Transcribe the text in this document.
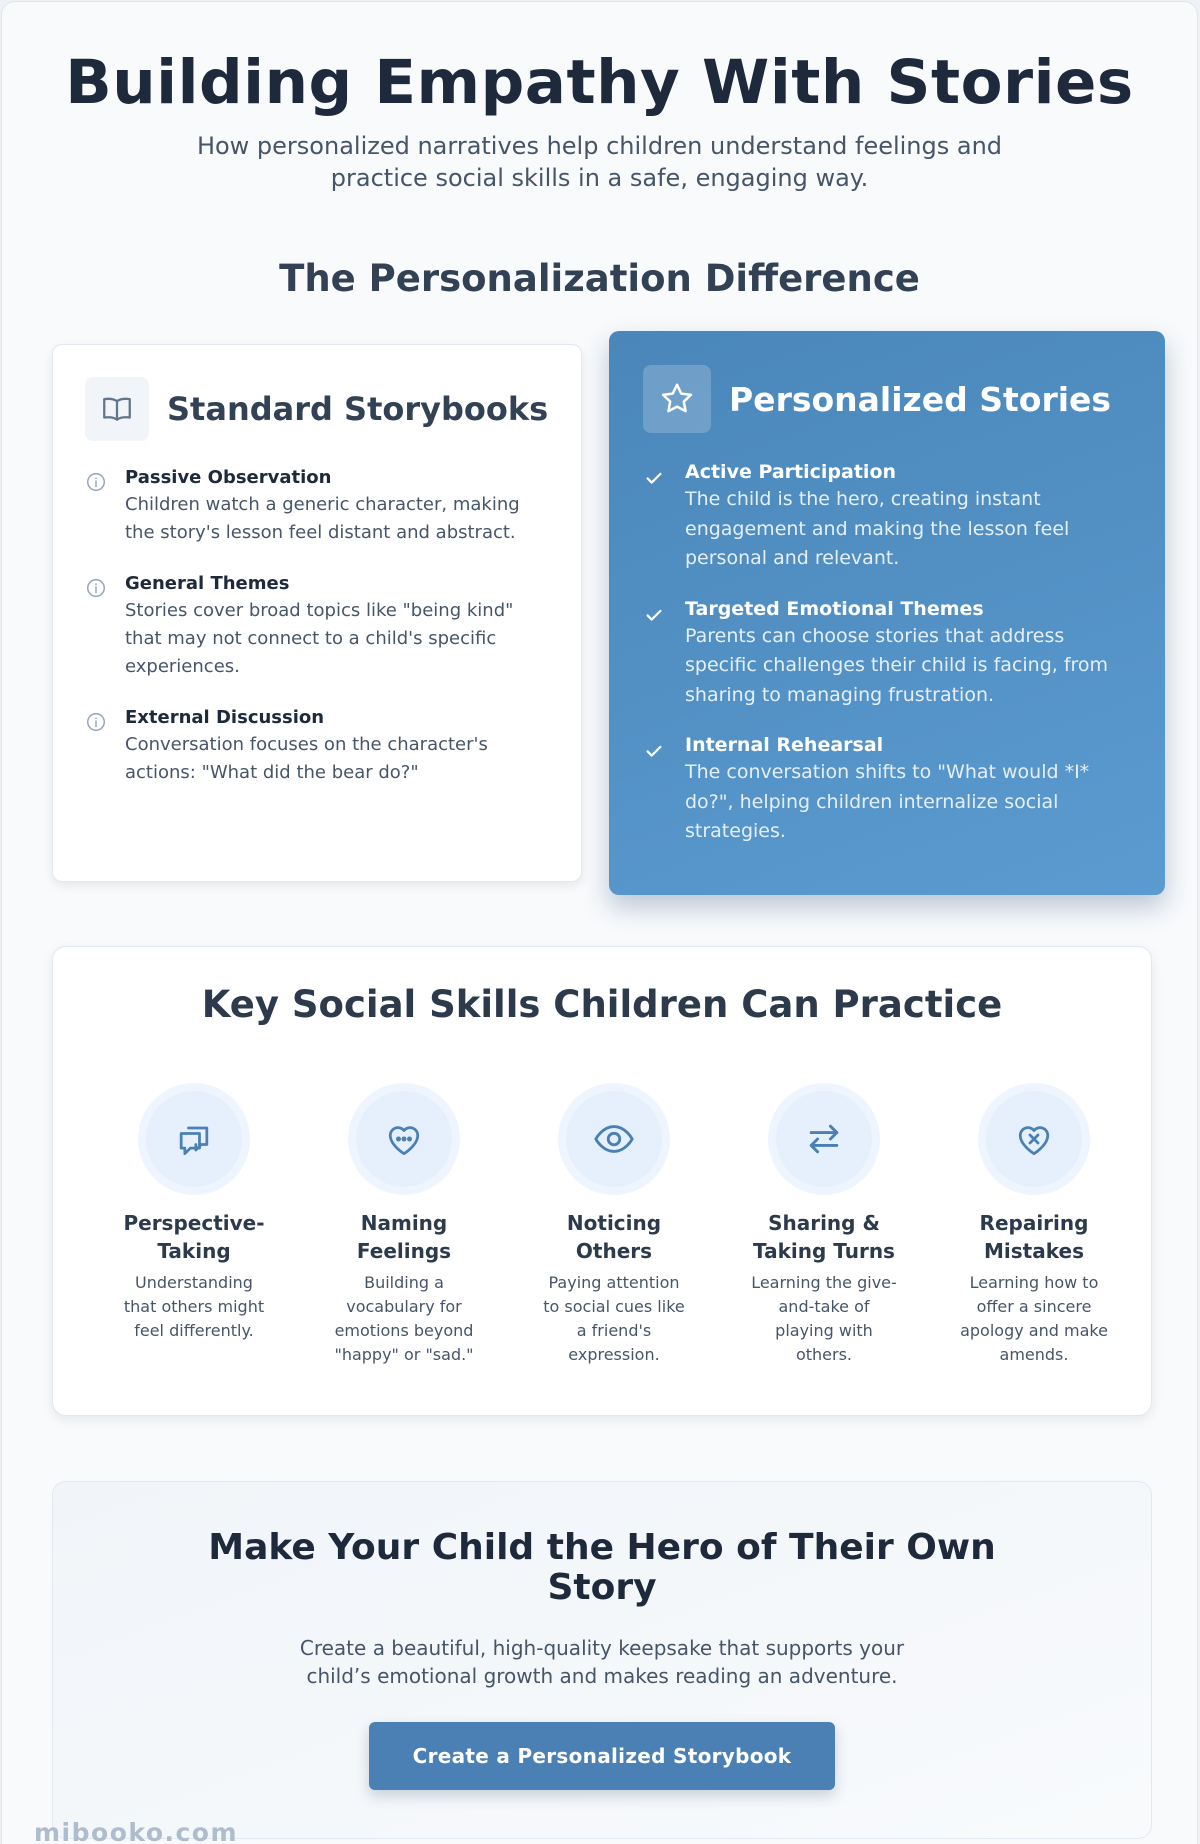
Building Empathy With Stories

How personalized narratives help children understand feelings and practice social skills in a safe, engaging way.

The Personalization Difference
Standard Storybooks
Passive Observation
Children watch a generic character, making the story's lesson feel distant and abstract.
General Themes
Stories cover broad topics like "being kind" that may not connect to a child's specific experiences.
External Discussion
Conversation focuses on the character's actions: "What did the bear do?"
Personalized Stories
Active Participation
The child is the hero, creating instant engagement and making the lesson feel personal and relevant.
Targeted Emotional Themes
Parents can choose stories that address specific challenges their child is facing, from sharing to managing frustration.
Internal Rehearsal
The conversation shifts to "What would *I* do?", helping children internalize social strategies.
Key Social Skills Children Can Practice
Perspective-Taking
Understanding that others might feel differently.
Naming Feelings
Building a vocabulary for emotions beyond "happy" or "sad."
Noticing Others
Paying attention to social cues like a friend's expression.
Sharing & Taking Turns
Learning the give-and-take of playing with others.
Repairing Mistakes
Learning how to offer a sincere apology and make amends.
Make Your Child the Hero of Their Own Story

Create a beautiful, high-quality keepsake that supports your child’s emotional growth and makes reading an adventure.

Create a Personalized Storybook
mibooko.com
